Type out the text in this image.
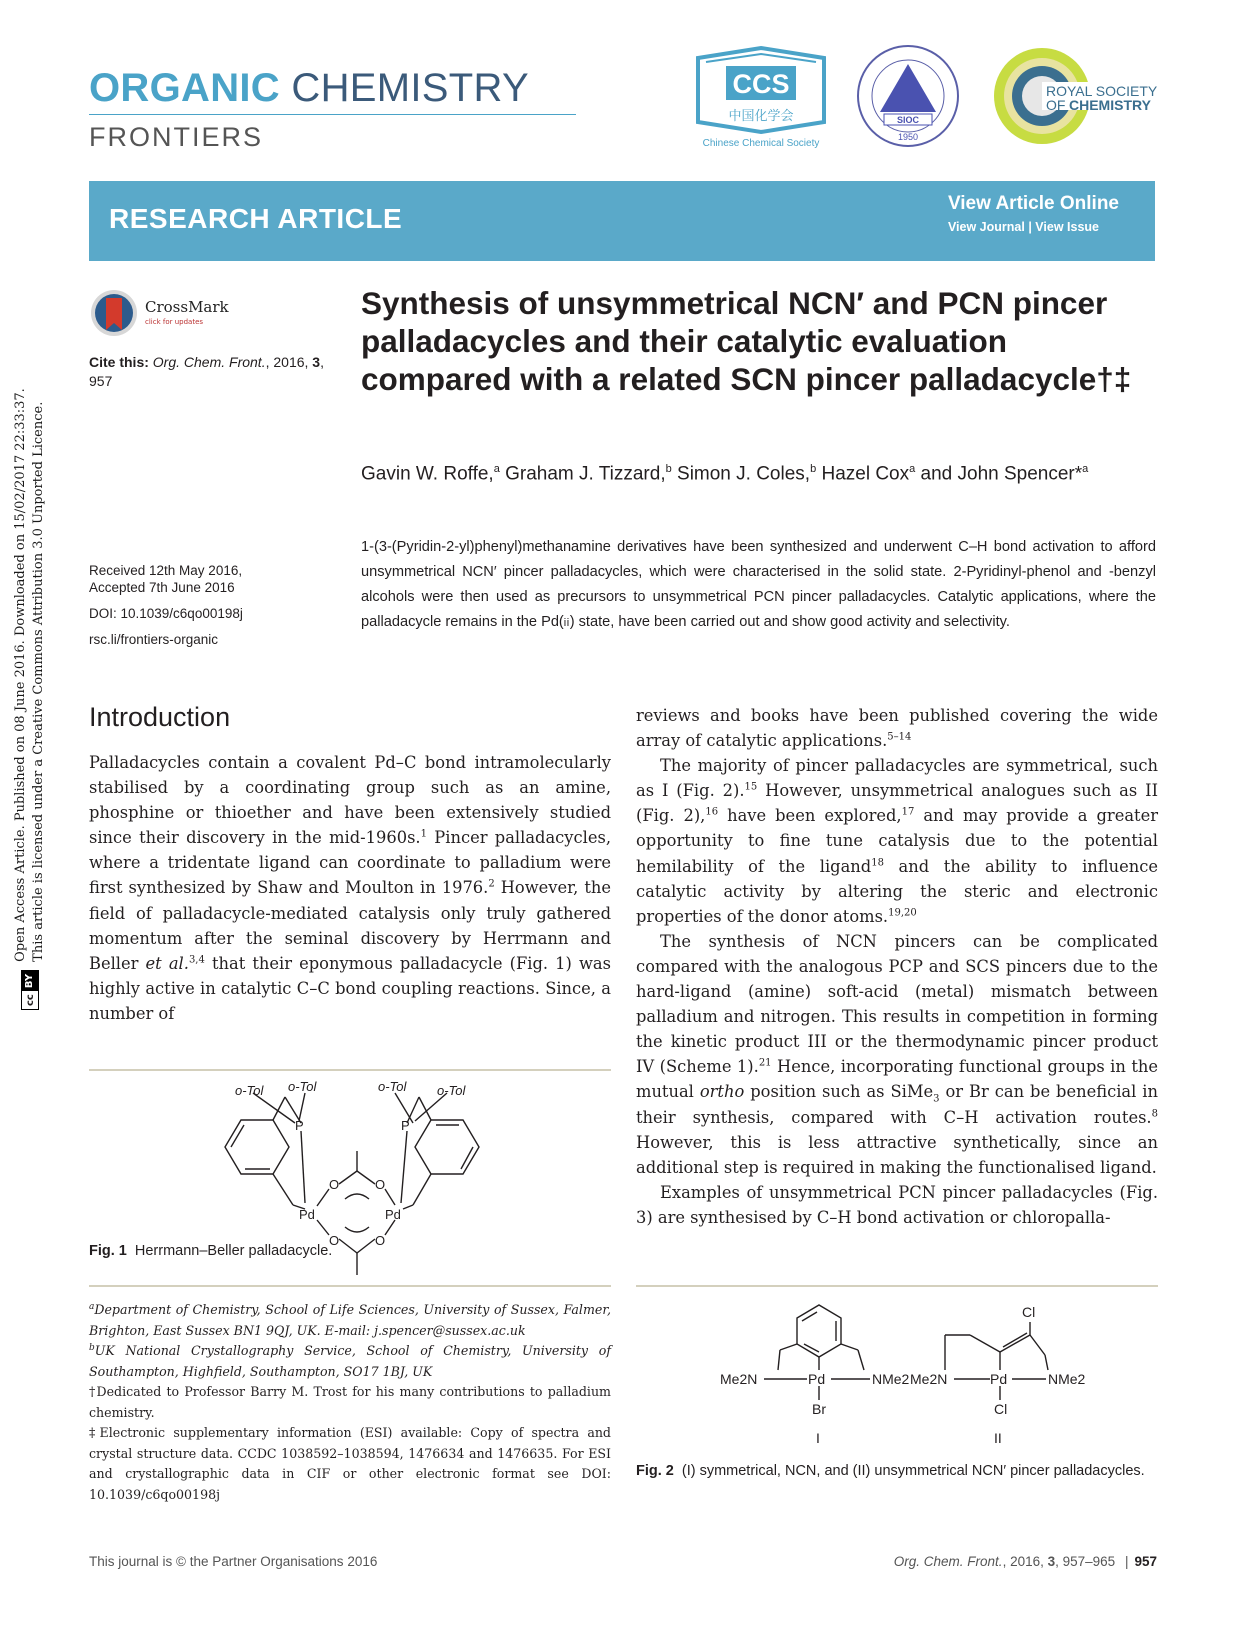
cc
BY
Open Access Article. Published on 08 June 2016. Downloaded on 15/02/2017 22:33:37. This article is licensed under a Creative Commons Attribution 3.0 Unported Licence.
ORGANIC CHEMISTRY
FRONTIERS
CCS
中国化学会
Chinese Chemical Society
SIOC
1950
ROYAL SOCIETY
OF CHEMISTRY
RESEARCH ARTICLE	View Article Online
View Journal | View Issue
CrossMark
click for updates
Cite this: Org. Chem. Front., 2016, 3,
957
Received 12th May 2016,
Accepted 7th June 2016
DOI: 10.1039/c6qo00198j
rsc.li/frontiers-organic
Synthesis of unsymmetrical NCN′ and PCN pincer palladacycles and their catalytic evaluation compared with a related SCN pincer palladacycle†‡
Gavin W. Roffe,$^a$ Graham J. Tizzard,$^b$ Simon J. Coles,$^b$ Hazel Cox$^a$ and John Spencer*$^a$
1-(3-(Pyridin-2-yl)phenyl)methanamine derivatives have been synthesized and underwent C–H bond activation to afford unsymmetrical NCN′ pincer palladacycles, which were characterised in the solid state. 2-Pyridinyl-phenol and -benzyl alcohols were then used as precursors to unsymmetrical PCN pincer palladacycles. Catalytic applications, where the palladacycle remains in the Pd(ii) state, have been carried out and show good activity and selectivity.
Introduction

Palladacycles contain a covalent Pd–C bond intramolecularly stabilised by a coordinating group such as an amine, phosphine or thioether and have been extensively studied since their discovery in the mid-1960s.$^1$ Pincer palladacycles, where a tridentate ligand can coordinate to palladium were first synthesized by Shaw and Moulton in 1976.$^2$ However, the field of palladacycle-mediated catalysis only truly gathered momentum after the seminal discovery by Herrmann and Beller et al.$^{3,4}$ that their eponymous palladacycle (Fig. 1) was highly active in catalytic C–C bond coupling reactions. Since, a number of

reviews and books have been published covering the wide array of catalytic applications.$^{5-14}$

The majority of pincer palladacycles are symmetrical, such as I (Fig. 2).$^{15}$ However, unsymmetrical analogues such as II (Fig. 2),$^{16}$ have been explored,$^{17}$ and may provide a greater opportunity to fine tune catalysis due to the potential hemilability of the ligand$^{18}$ and the ability to influence catalytic activity by altering the steric and electronic properties of the donor atoms.$^{19,20}$

The synthesis of NCN pincers can be complicated compared with the analogous PCP and SCS pincers due to the hard-ligand (amine) soft-acid (metal) mismatch between palladium and nitrogen. This results in competition in forming the kinetic product III or the thermodynamic pincer product IV (Scheme 1).$^{21}$ Hence, incorporating functional groups in the mutual ortho position such as SiMe$_3$ or Br can be beneficial in their synthesis, compared with C–H activation routes.$^8$ However, this is less attractive synthetically, since an additional step is required in making the functionalised ligand.

Examples of unsymmetrical PCN pincer palladacycles (Fig. 3) are synthesised by C–H bond activation or chloropalla-

o-Tol o-Tol
P
Pd
O	O
O	O
o-Tol o-Tol
P
Pd
Fig. 1 Herrmann–Beller palladacycle.

$^a$Department of Chemistry, School of Life Sciences, University of Sussex, Falmer, Brighton, East Sussex BN1 9QJ, UK. E-mail: j.spencer@sussex.ac.uk

$^b$UK National Crystallography Service, School of Chemistry, University of Southampton, Highfield, Southampton, SO17 1BJ, UK

†Dedicated to Professor Barry M. Trost for his many contributions to palladium chemistry.

‡Electronic supplementary information (ESI) available: Copy of spectra and crystal structure data. CCDC 1038592–1038594, 1476634 and 1476635. For ESI and crystallographic data in CIF or other electronic format see DOI: 10.1039/c6qo00198j

Me2N	Pd	NMe2
Br
I
Cl
Me2N	Pd	NMe2
Cl
II
Fig. 2 (I) symmetrical, NCN, and (II) unsymmetrical NCN′ pincer palladacycles.
This journal is © the Partner Organisations 2016	Org. Chem. Front., 2016, 3, 957–965 | 957
